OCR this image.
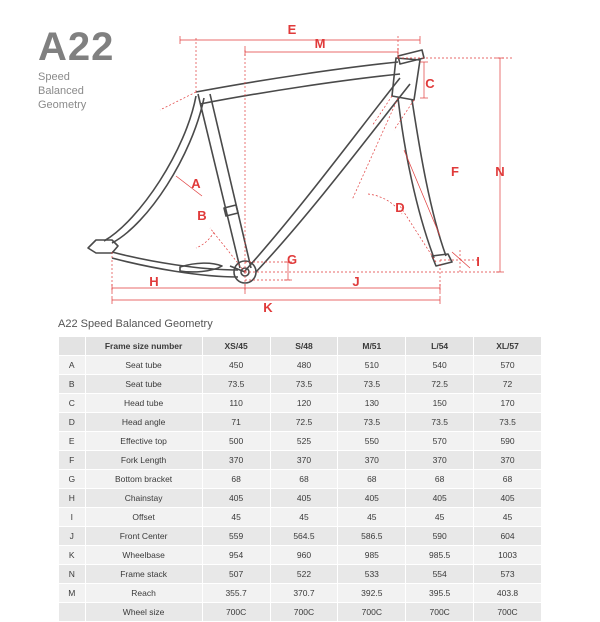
A22
Speed
Balanced
Geometry
E
M
C
N
A
B
D
F
G
H
I
J
K
A22 Speed Balanced Geometry
	Frame size number	XS/45	S/48	M/51	L/54	XL/57
A	Seat tube	450	480	510	540	570
B	Seat tube	73.5	73.5	73.5	72.5	72
C	Head tube	110	120	130	150	170
D	Head angle	71	72.5	73.5	73.5	73.5
E	Effective top	500	525	550	570	590
F	Fork Length	370	370	370	370	370
G	Bottom bracket	68	68	68	68	68
H	Chainstay	405	405	405	405	405
I	Offset	45	45	45	45	45
J	Front Center	559	564.5	586.5	590	604
K	Wheelbase	954	960	985	985.5	1003
N	Frame stack	507	522	533	554	573
M	Reach	355.7	370.7	392.5	395.5	403.8
	Wheel size	700C	700C	700C	700C	700C
